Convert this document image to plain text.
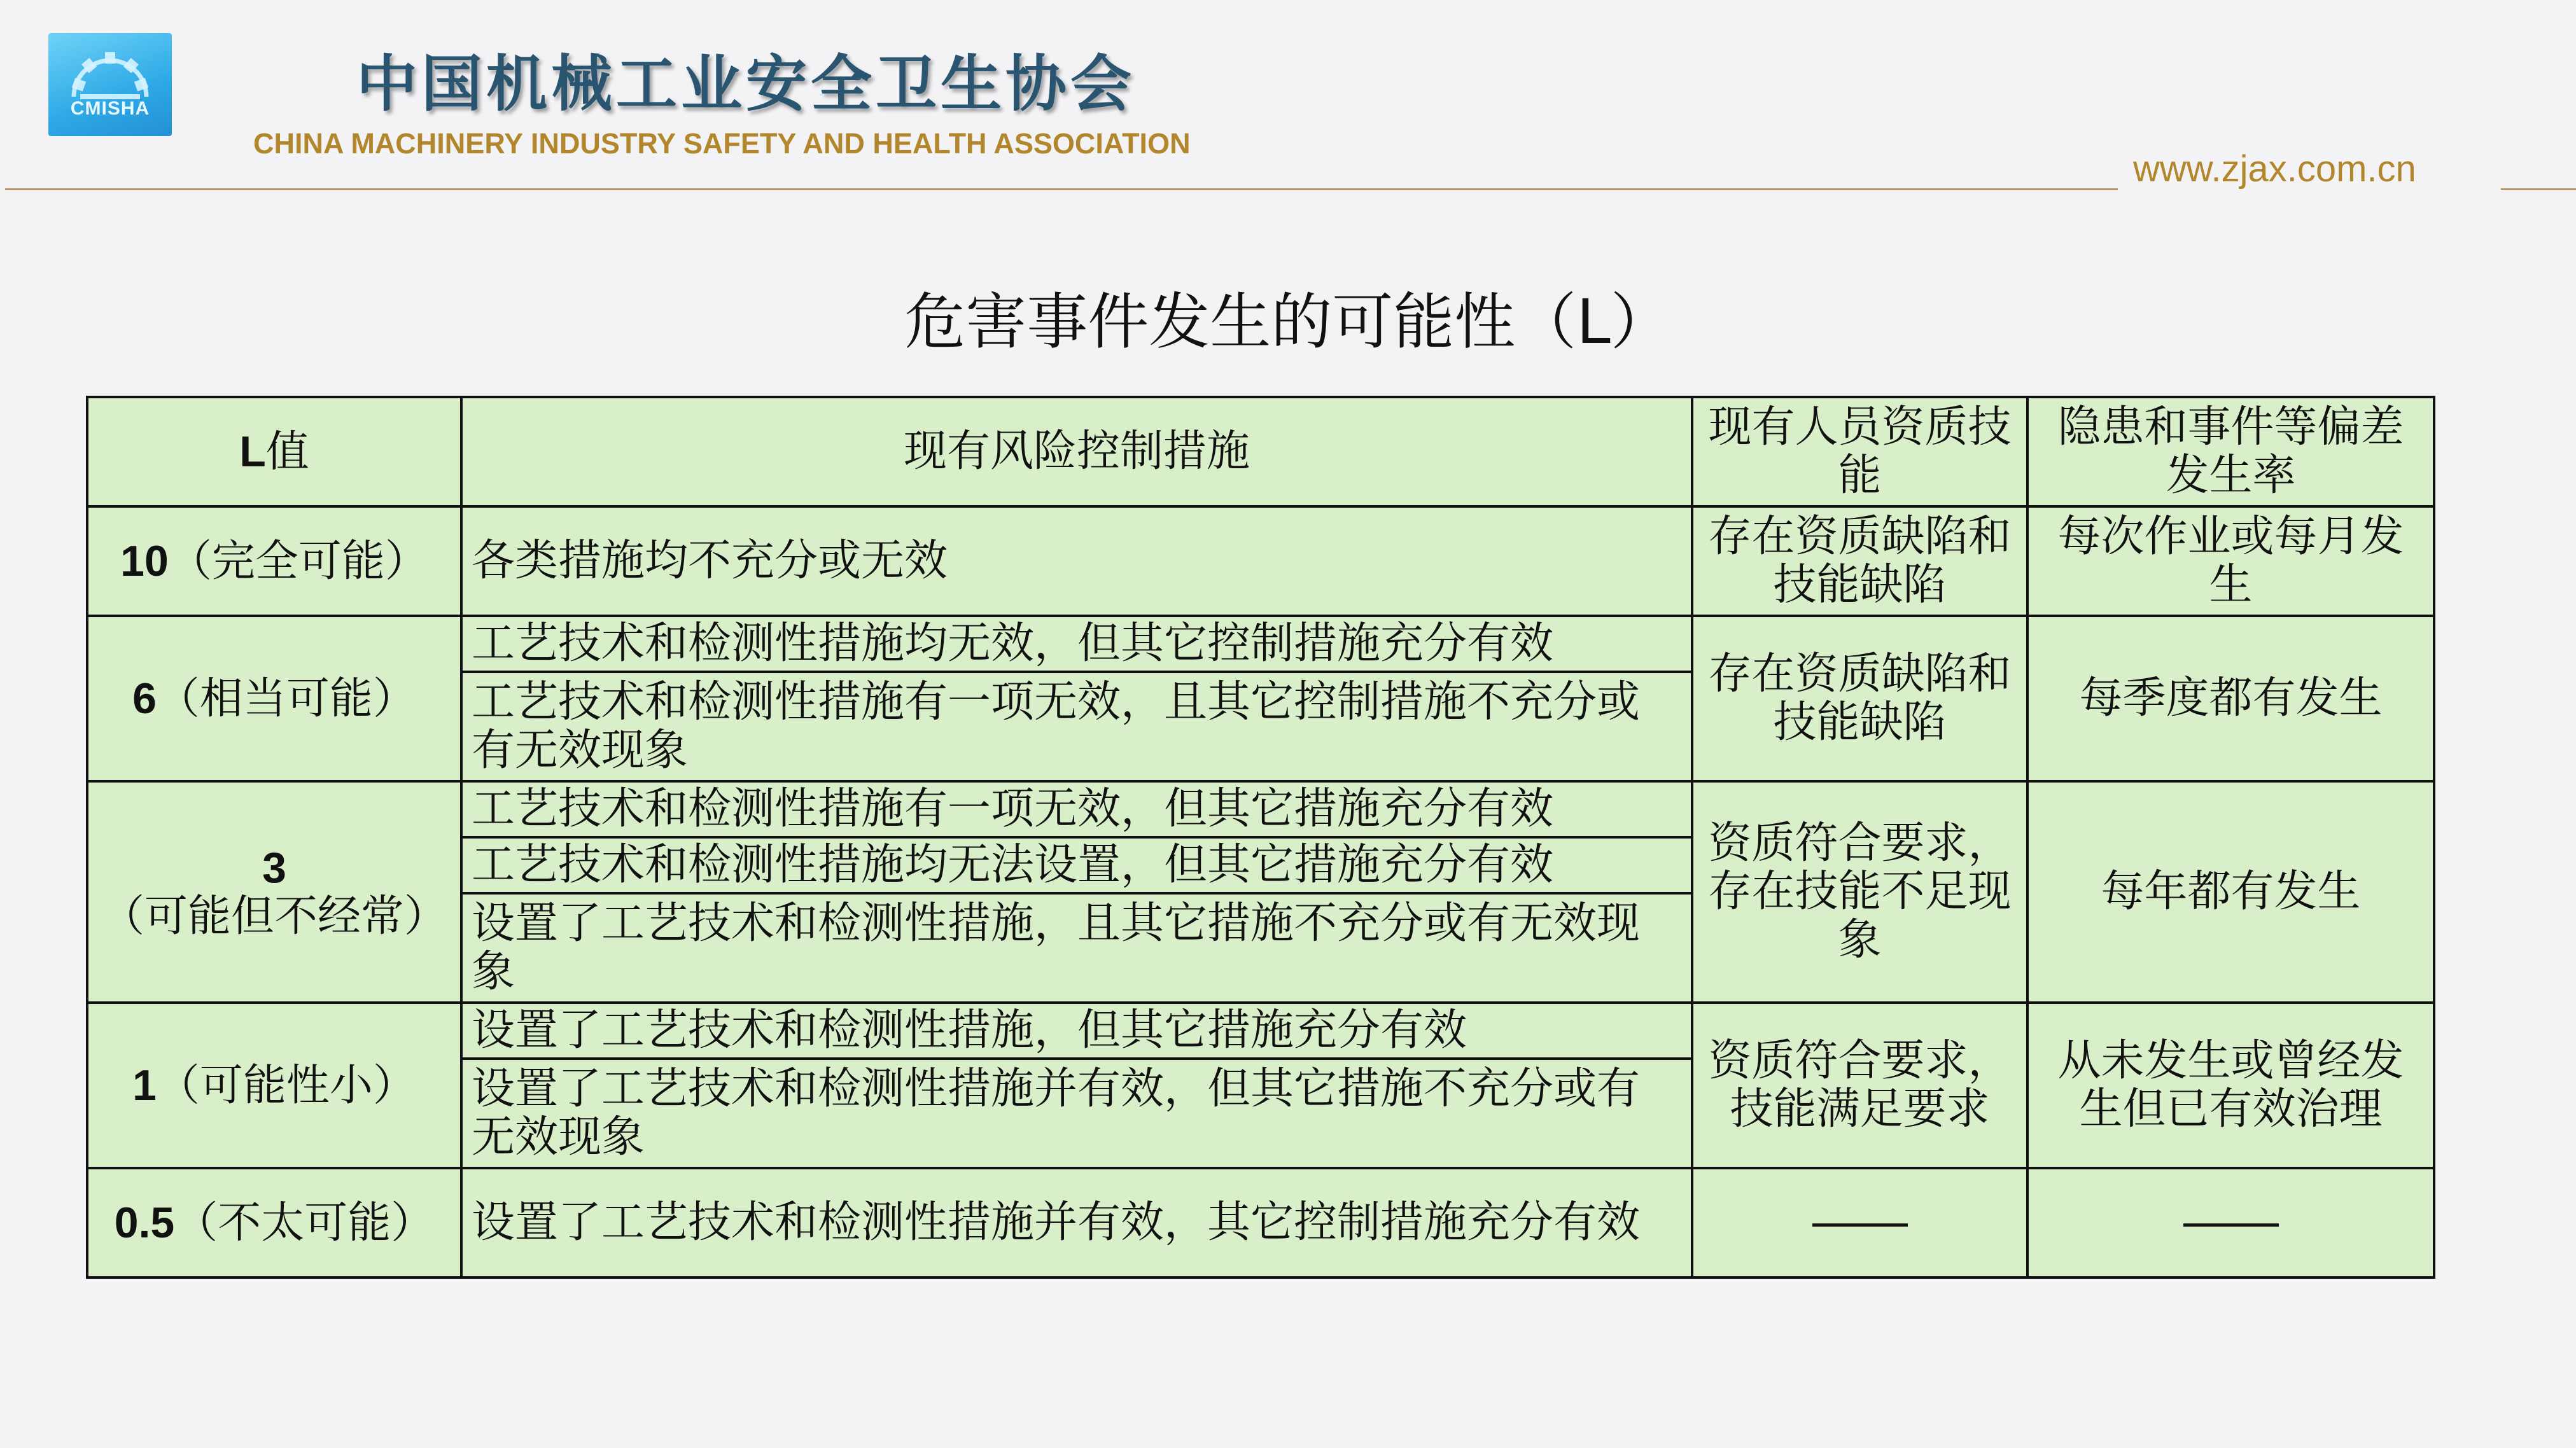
CMISHA	中国机械工业安全卫生协会
CHINA MACHINERY INDUSTRY SAFETY AND HEALTH ASSOCIATION
www.zjax.com.cn
危害事件发生的可能性（L）
L值	现有风险控制措施	现有人员资质技能	隐患和事件等偏差发生率
10（完全可能）	各类措施均不充分或无效	存在资质缺陷和技能缺陷	每次作业或每月发生
6（相当可能）	工艺技术和检测性措施均无效，但其它控制措施充分有效	存在资质缺陷和技能缺陷	每季度都有发生
	工艺技术和检测性措施有一项无效，且其它控制措施不充分或有无效现象		
3（可能但不经常）	工艺技术和检测性措施有一项无效，但其它措施充分有效	资质符合要求，存在技能不足现象	每年都有发生
	工艺技术和检测性措施均无法设置，但其它措施充分有效		
	设置了工艺技术和检测性措施，且其它措施不充分或有无效现象		
1（可能性小）	设置了工艺技术和检测性措施，但其它措施充分有效	资质符合要求，技能满足要求	从未发生或曾经发生但已有效治理
	设置了工艺技术和检测性措施并有效，但其它措施不充分或有无效现象		
0.5（不太可能）	设置了工艺技术和检测性措施并有效，其它控制措施充分有效		
